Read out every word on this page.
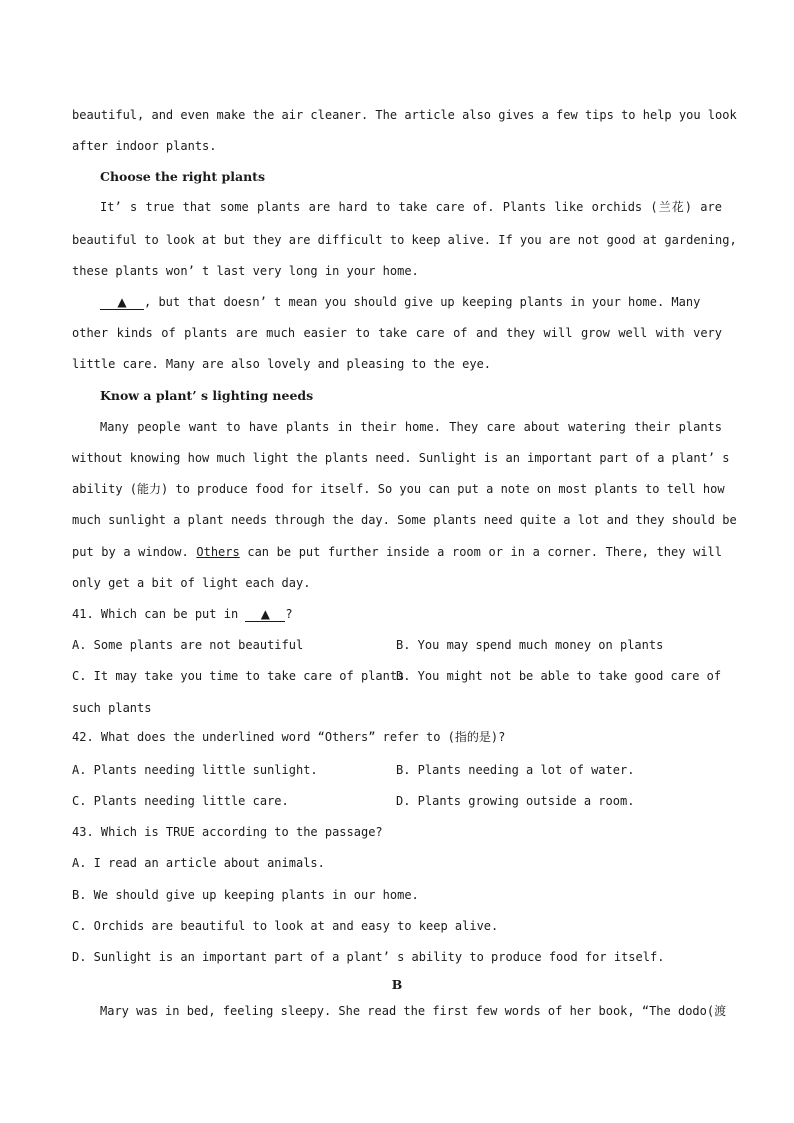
beautiful, and even make the air cleaner. The article also gives a few tips to help you look
after indoor plants.
Choose the right plants
It’ s true that some plants are hard to take care of. Plants like orchids (兰花) are
beautiful to look at but they are difficult to keep alive. If you are not good at gardening,
these plants won’ t last very long in your home.
▲ , but that doesn’ t mean you should give up keeping plants in your home. Many
other kinds of plants are much easier to take care of and they will grow well with very
little care. Many are also lovely and pleasing to the eye.
Know a plant’ s lighting needs
Many people want to have plants in their home. They care about watering their plants
without knowing how much light the plants need. Sunlight is an important part of a plant’ s
ability (能力) to produce food for itself. So you can put a note on most plants to tell how
much sunlight a plant needs through the day. Some plants need quite a lot and they should be
put by a window. Others can be put further inside a room or in a corner. There, they will
only get a bit of light each day.
41. Which can be put in ▲ ?
A. Some plants are not beautiful	B. You may spend much money on plants
C. It may take you time to take care of plants
D. You might not be able to take good care of
such plants
42. What does the underlined word “Others” refer to (指的是)?
A. Plants needing little sunlight.	B. Plants needing a lot of water.
C. Plants needing little care.	D. Plants growing outside a room.
43. Which is TRUE according to the passage?
A. I read an article about animals.
B. We should give up keeping plants in our home.
C. Orchids are beautiful to look at and easy to keep alive.
D. Sunlight is an important part of a plant’ s ability to produce food for itself.
B
Mary was in bed, feeling sleepy. She read the first few words of her book, “The dodo(渡
